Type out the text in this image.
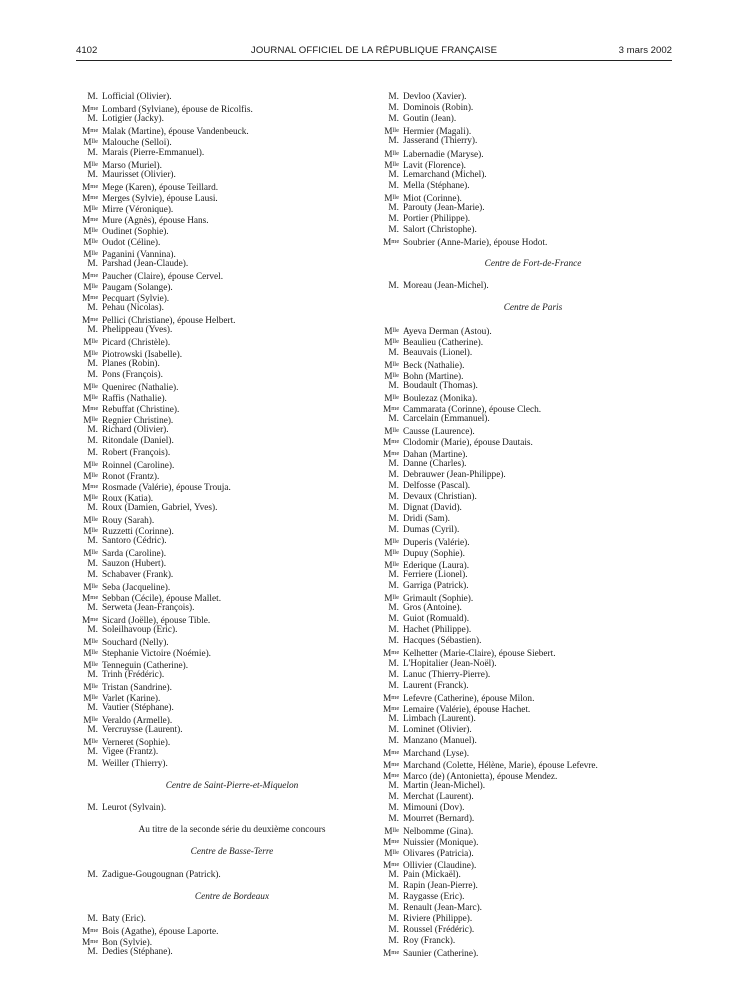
4102	JOURNAL OFFICIEL DE LA RÉPUBLIQUE FRANÇAISE	3 mars 2002
M. Lofficial (Olivier).
$M^{me}$ Lombard (Sylviane), épouse de Ricolfis.
M. Lotigier (Jacky).
$M^{me}$ Malak (Martine), épouse Vandenbeuck.
$M^{lle}$ Malouche (Selloi).
M. Marais (Pierre-Emmanuel).
$M^{lle}$ Marso (Muriel).
M. Maurisset (Olivier).
$M^{me}$ Mege (Karen), épouse Teillard.
$M^{me}$ Merges (Sylvie), épouse Lausi.
$M^{lle}$ Mirre (Véronique).
$M^{me}$ Mure (Agnès), épouse Hans.
$M^{lle}$ Oudinet (Sophie).
$M^{lle}$ Oudot (Céline).
$M^{lle}$ Paganini (Vannina).
M. Parshad (Jean-Claude).
$M^{me}$ Paucher (Claire), épouse Cervel.
$M^{lle}$ Paugam (Solange).
$M^{me}$ Pecquart (Sylvie).
M. Pehau (Nicolas).
$M^{me}$ Pellici (Christiane), épouse Helbert.
M. Phelippeau (Yves).
$M^{lle}$ Picard (Christèle).
$M^{lle}$ Piotrowski (Isabelle).
M. Planes (Robin).
M. Pons (François).
$M^{lle}$ Quenirec (Nathalie).
$M^{lle}$ Raffis (Nathalie).
$M^{me}$ Rebuffat (Christine).
$M^{lle}$ Regnier Christine).
M. Richard (Olivier).
M. Ritondale (Daniel).
M. Robert (François).
$M^{lle}$ Roinnel (Caroline).
$M^{lle}$ Ronot (Frantz).
$M^{me}$ Rosmade (Valérie), épouse Trouja.
$M^{lle}$ Roux (Katia).
M. Roux (Damien, Gabriel, Yves).
$M^{lle}$ Rouy (Sarah).
$M^{lle}$ Ruzzetti (Corinne).
M. Santoro (Cédric).
$M^{lle}$ Sarda (Caroline).
M. Sauzon (Hubert).
M. Schabaver (Frank).
$M^{lle}$ Seba (Jacqueline).
$M^{me}$ Sebban (Cécile), épouse Mallet.
M. Serweta (Jean-François).
$M^{me}$ Sicard (Joëlle), épouse Tible.
M. Soleilhavoup (Eric).
$M^{lle}$ Souchard (Nelly).
$M^{lle}$ Stephanie Victoire (Noémie).
$M^{lle}$ Tenneguin (Catherine).
M. Trinh (Frédéric).
$M^{lle}$ Tristan (Sandrine).
$M^{lle}$ Varlet (Karine).
M. Vautier (Stéphane).
$M^{lle}$ Veraldo (Armelle).
M. Vercruysse (Laurent).
$M^{lle}$ Verneret (Sophie).
M. Vigee (Frantz).
M. Weiller (Thierry).
Centre de Saint-Pierre-et-Miquelon
M. Leurot (Sylvain).
Au titre de la seconde série du deuxième concours
Centre de Basse-Terre
M. Zadigue-Gougougnan (Patrick).
Centre de Bordeaux
M. Baty (Eric).
$M^{me}$ Bois (Agathe), épouse Laporte.
$M^{me}$ Bon (Sylvie).
M. Dedies (Stéphane).
M. Devloo (Xavier).
M. Dominois (Robin).
M. Goutin (Jean).
$M^{lle}$ Hermier (Magali).
M. Jasserand (Thierry).
$M^{lle}$ Labernadie (Maryse).
$M^{lle}$ Lavit (Florence).
M. Lemarchand (Michel).
M. Mella (Stéphane).
$M^{lle}$ Miot (Corinne).
M. Parouty (Jean-Marie).
M. Portier (Philippe).
M. Salort (Christophe).
$M^{me}$ Soubrier (Anne-Marie), épouse Hodot.
Centre de Fort-de-France
M. Moreau (Jean-Michel).
Centre de Paris
$M^{lle}$ Ayeva Derman (Astou).
$M^{lle}$ Beaulieu (Catherine).
M. Beauvais (Lionel).
$M^{lle}$ Beck (Nathalie).
$M^{lle}$ Bohn (Martine).
M. Boudault (Thomas).
$M^{lle}$ Boulezaz (Monika).
$M^{me}$ Cammarata (Corinne), épouse Clech.
M. Carcelain (Emmanuel).
$M^{lle}$ Causse (Laurence).
$M^{me}$ Clodomir (Marie), épouse Dautais.
$M^{me}$ Dahan (Martine).
M. Danne (Charles).
M. Debrauwer (Jean-Philippe).
M. Delfosse (Pascal).
M. Devaux (Christian).
M. Dignat (David).
M. Dridi (Sam).
M. Dumas (Cyril).
$M^{lle}$ Duperis (Valérie).
$M^{lle}$ Dupuy (Sophie).
$M^{lle}$ Ederique (Laura).
M. Ferriere (Lionel).
M. Garriga (Patrick).
$M^{lle}$ Grimault (Sophie).
M. Gros (Antoine).
M. Guiot (Romuald).
M. Hachet (Philippe).
M. Hacques (Sébastien).
$M^{me}$ Kelhetter (Marie-Claire), épouse Siebert.
M. L'Hopitalier (Jean-Noël).
M. Lanuc (Thierry-Pierre).
M. Laurent (Franck).
$M^{me}$ Lefevre (Catherine), épouse Milon.
$M^{me}$ Lemaire (Valérie), épouse Hachet.
M. Limbach (Laurent).
M. Lominet (Olivier).
M. Manzano (Manuel).
$M^{me}$ Marchand (Lyse).
$M^{me}$ Marchand (Colette, Hélène, Marie), épouse Lefevre.
$M^{me}$ Marco (de) (Antonietta), épouse Mendez.
M. Martin (Jean-Michel).
M. Merchat (Laurent).
M. Mimouni (Dov).
M. Mourret (Bernard).
$M^{lle}$ Nelbomme (Gina).
$M^{me}$ Nuissier (Monique).
$M^{lle}$ Olivares (Patricia).
$M^{me}$ Ollivier (Claudine).
M. Pain (Mickaël).
M. Rapin (Jean-Pierre).
M. Raygasse (Eric).
M. Renault (Jean-Marc).
M. Riviere (Philippe).
M. Roussel (Frédéric).
M. Roy (Franck).
$M^{me}$ Saunier (Catherine).
